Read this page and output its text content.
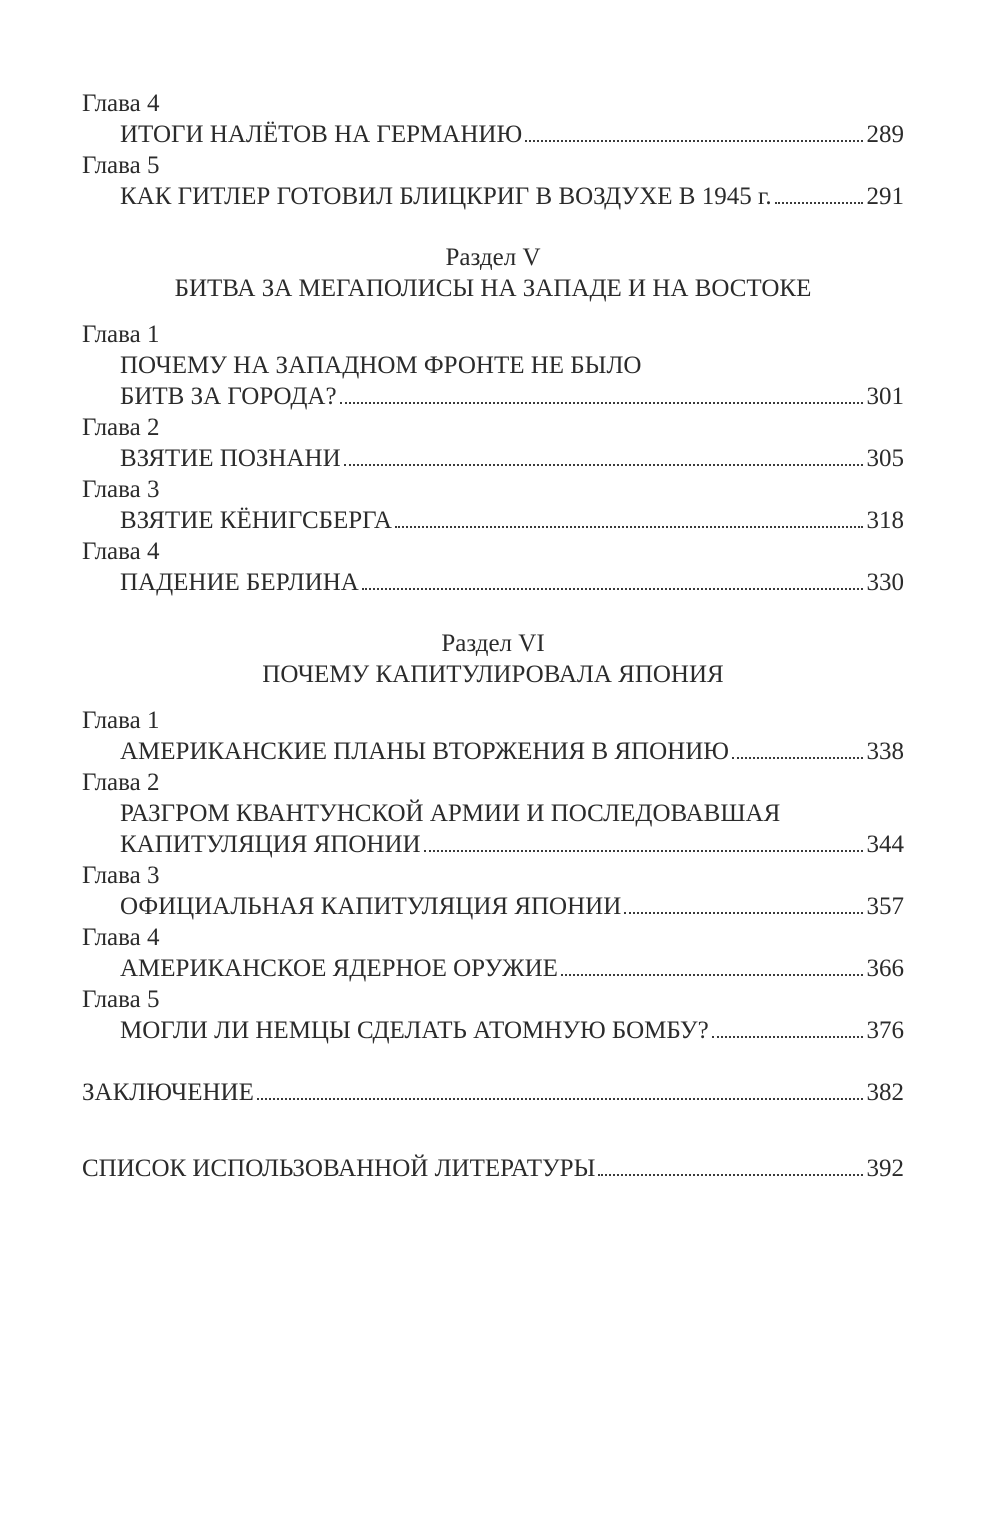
Глава 4
ИТОГИ НАЛЁТОВ НА ГЕРМАНИЮ	289
Глава 5
КАК ГИТЛЕР ГОТОВИЛ БЛИЦКРИГ В ВОЗДУХЕ В 1945 г.	291
Раздел V
БИТВА ЗА МЕГАПОЛИСЫ НА ЗАПАДЕ И НА ВОСТОКЕ
Глава 1
ПОЧЕМУ НА ЗАПАДНОМ ФРОНТЕ НЕ БЫЛО
БИТВ ЗА ГОРОДА?	301
Глава 2
ВЗЯТИЕ ПОЗНАНИ	305
Глава 3
ВЗЯТИЕ КЁНИГСБЕРГА	318
Глава 4
ПАДЕНИЕ БЕРЛИНА	330
Раздел VI
ПОЧЕМУ КАПИТУЛИРОВАЛА ЯПОНИЯ
Глава 1
АМЕРИКАНСКИЕ ПЛАНЫ ВТОРЖЕНИЯ В ЯПОНИЮ	338
Глава 2
РАЗГРОМ КВАНТУНСКОЙ АРМИИ И ПОСЛЕДОВАВШАЯ
КАПИТУЛЯЦИЯ ЯПОНИИ	344
Глава 3
ОФИЦИАЛЬНАЯ КАПИТУЛЯЦИЯ ЯПОНИИ	357
Глава 4
АМЕРИКАНСКОЕ ЯДЕРНОЕ ОРУЖИЕ	366
Глава 5
МОГЛИ ЛИ НЕМЦЫ СДЕЛАТЬ АТОМНУЮ БОМБУ?	376
ЗАКЛЮЧЕНИЕ	382
СПИСОК ИСПОЛЬЗОВАННОЙ ЛИТЕРАТУРЫ	392
